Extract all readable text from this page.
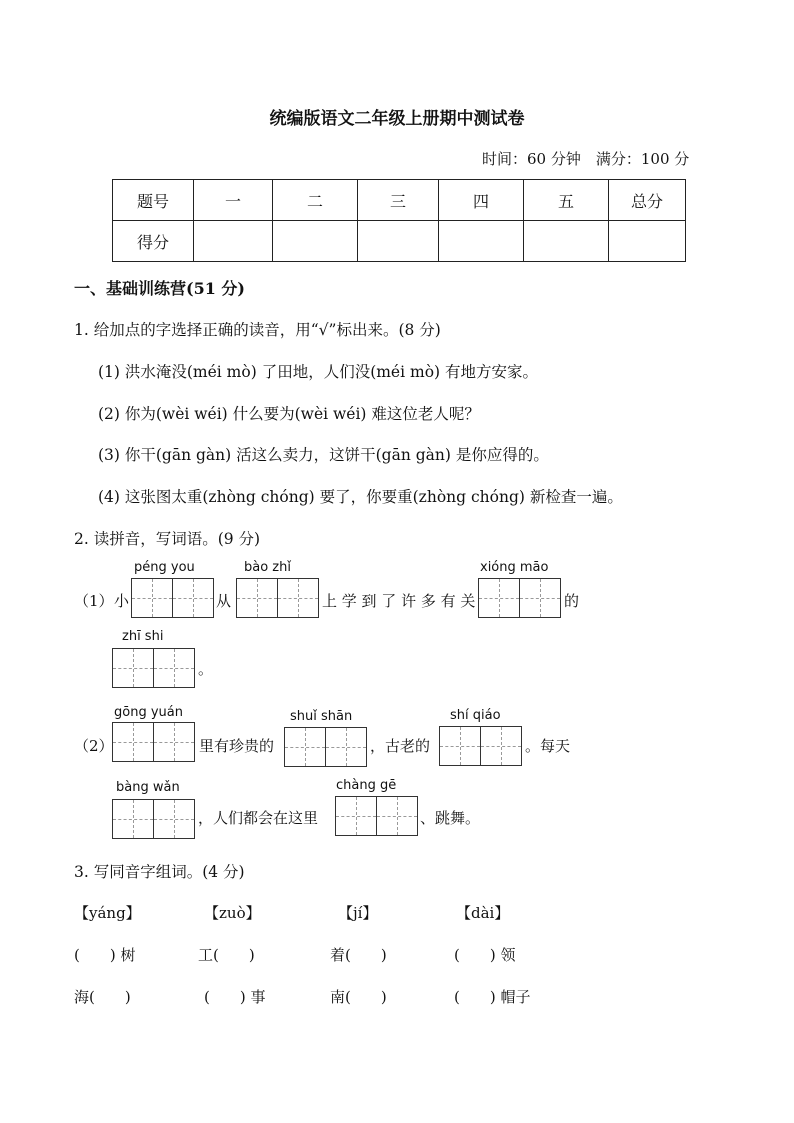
统编版语文二年级上册期中测试卷
时间：60 分钟　满分：100 分
题号	一	二	三	四	五	总分
得分						
一、基础训练营(51 分)
1. 给加点的字选择正确的读音，用“√”标出来。(8 分)
(1) 洪水淹没(méi mò) 了田地，人们没(méi mò) 有地方安家。
(2) 你为(wèi wéi) 什么要为(wèi wéi) 难这位老人呢？
(3) 你干(gān gàn) 活这么卖力，这饼干(gān gàn) 是你应得的。
(4) 这张图太重(zhòng chóng) 要了，你要重(zhòng chóng) 新检查一遍。
2. 读拼音，写词语。(9 分)
（1） 小
péng you
从
bào zhǐ
上 学 到 了 许 多 有 关
xióng māo
的
zhī shi
。
（2）
gōng yuán
里有珍贵的
shuǐ shān
，古老的
shí qiáo
。每天
bàng wǎn
，人们都会在这里
chàng gē
、跳舞。
3. 写同音字组词。(4 分)
【yáng】	【zuò】	【jí】	【dài】
(　　) 树	工(　　)	着(　　)	(　　) 领
海(　　)	(　　) 事	南(　　)	(　　) 帽子
